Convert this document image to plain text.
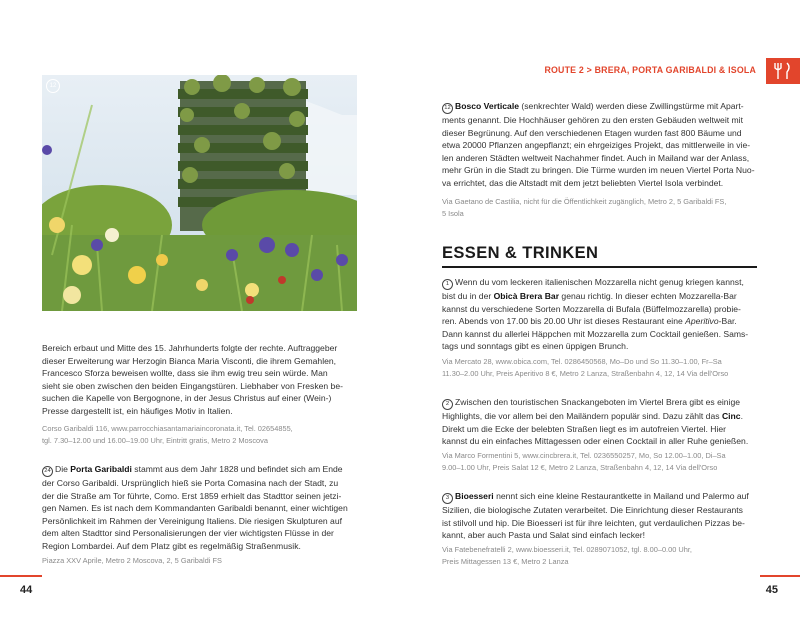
12

Bereich erbaut und Mitte des 15. Jahrhunderts folgte der rechte. Auftraggeber

dieser Erweiterung war Herzogin Bianca Maria Visconti, die ihrem Gemahlen,

Francesco Sforza beweisen wollte, dass sie ihm ewig treu sein würde. Man

sieht sie oben zwischen den beiden Eingangstüren. Liebhaber von Fresken be-

suchen die Kapelle von Bergognone, in der Jesus Christus auf einer (Wein-)

Presse dargestellt ist, ein häufiges Motiv in Italien.

Corso Garibaldi 116, www.parrocchiasantamariaincoronata.it, Tel. 02654855,

tgl. 7.30–12.00 und 16.00–19.00 Uhr, Eintritt gratis, Metro 2 Moscova

24 Die Porta Garibaldi stammt aus dem Jahr 1828 und befindet sich am Ende

der Corso Garibaldi. Ursprünglich hieß sie Porta Comasina nach der Stadt, zu

der die Straße am Tor führte, Como. Erst 1859 erhielt das Stadttor seinen jetzi-

gen Namen. Es ist nach dem Kommandanten Garibaldi benannt, einer wichtigen

Persönlichkeit im Rahmen der Vereinigung Italiens. Die riesigen Skulpturen auf

dem alten Stadttor sind Personalisierungen der vier wichtigsten Flüsse in der

Region Lombardei. Auf dem Platz gibt es regelmäßig Straßenmusik.

Piazza XXV Aprile, Metro 2 Moscova, 2, 5 Garibaldi FS
44
ROUTE 2 > BRERA, PORTA GARIBALDI & ISOLA

12 Bosco Verticale (senkrechter Wald) werden diese Zwillingstürme mit Apart-

ments genannt. Die Hochhäuser gehören zu den ersten Gebäuden weltweit mit

dieser Begrünung. Auf den verschiedenen Etagen wurden fast 800 Bäume und

etwa 20000 Pflanzen angepflanzt; ein ehrgeiziges Projekt, das mittlerweile in vie-

len anderen Städten weltweit Nachahmer findet. Auch in Mailand war der Anlass,

mehr Grün in die Stadt zu bringen. Die Türme wurden im neuen Viertel Porta Nuo-

va errichtet, das die Altstadt mit dem jetzt beliebten Viertel Isola verbindet.

Via Gaetano de Castilia, nicht für die Öffentlichkeit zugänglich, Metro 2, 5 Garibaldi FS,

5 Isola

ESSEN & TRINKEN

1 Wenn du vom leckeren italienischen Mozzarella nicht genug kriegen kannst,

bist du in der Obicà Brera Bar genau richtig. In dieser echten Mozzarella-Bar

kannst du verschiedene Sorten Mozzarella di Bufala (Büffelmozzarella) probie-

ren. Abends von 17.00 bis 20.00 Uhr ist dieses Restaurant eine Aperitivo-Bar.

Dann kannst du allerlei Häppchen mit Mozzarella zum Cocktail genießen. Sams-

tags und sonntags gibt es einen üppigen Brunch.

Via Mercato 28, www.obica.com, Tel. 0286450568, Mo–Do und So 11.30–1.00, Fr–Sa

11.30–2.00 Uhr, Preis Aperitivo 8 €, Metro 2 Lanza, Straßenbahn 4, 12, 14 Via dell'Orso

2 Zwischen den touristischen Snackangeboten im Viertel Brera gibt es einige

Highlights, die vor allem bei den Mailändern populär sind. Dazu zählt das Cinc.

Direkt um die Ecke der belebten Straßen liegt es im autofreien Viertel. Hier

kannst du ein einfaches Mittagessen oder einen Cocktail in aller Ruhe genießen.

Via Marco Formentini 5, www.cincbrera.it, Tel. 0236550257, Mo, So 12.00–1.00, Di–Sa

9.00–1.00 Uhr, Preis Salat 12 €, Metro 2 Lanza, Straßenbahn 4, 12, 14 Via dell'Orso

3 Bioesseri nennt sich eine kleine Restaurantkette in Mailand und Palermo auf

Sizilien, die biologische Zutaten verarbeitet. Die Einrichtung dieser Restaurants

ist stilvoll und hip. Die Bioesseri ist für ihre leichten, gut verdaulichen Pizzas be-

kannt, aber auch Pasta und Salat sind einfach lecker!

Via Fatebenefratelli 2, www.bioesseri.it, Tel. 0289071052, tgl. 8.00–0.00 Uhr,

Preis Mittagessen 13 €, Metro 2 Lanza

45
